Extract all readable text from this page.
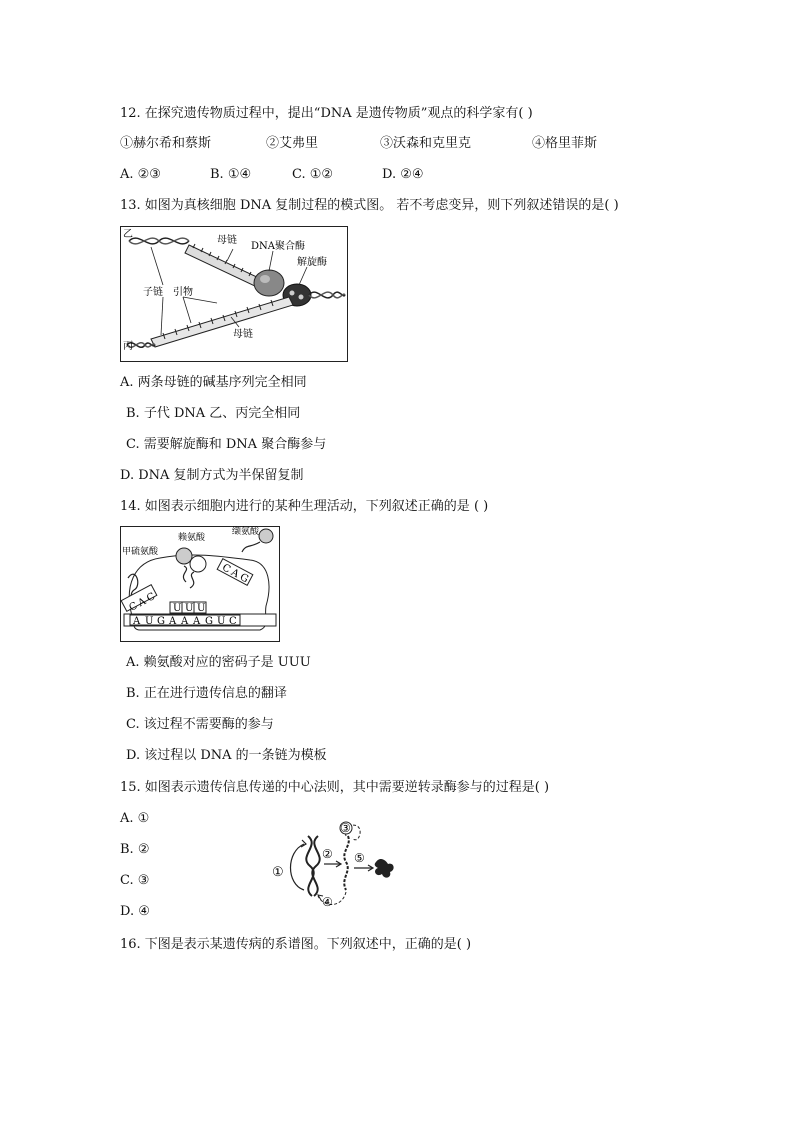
12. 在探究遗传物质过程中，提出“DNA 是遗传物质”观点的科学家有( )
①赫尔希和蔡斯	②艾弗里	③沃森和克里克	④格里菲斯
A. ②③	B. ①④	C. ①②	D. ②④
13. 如图为真核细胞 DNA 复制过程的模式图。 若不考虑变异，则下列叙述错误的是( )
乙
母链
DNA聚合酶
解旋酶
子链 引物
母链
丙
A. 两条母链的碱基序列完全相同
B. 子代 DNA 乙、丙完全相同
C. 需要解旋酶和 DNA 聚合酶参与
D. DNA 复制方式为半保留复制
14. 如图表示细胞内进行的某种生理活动，下列叙述正确的是 ( )
C
A
C
U U U
C
A
G
A U G A A A G U C
甲硫氨酸
赖氨酸
缬氨酸
A. 赖氨酸对应的密码子是 UUU
B. 正在进行遗传信息的翻译
C. 该过程不需要酶的参与
D. 该过程以 DNA 的一条链为模板
15. 如图表示遗传信息传递的中心法则，其中需要逆转录酶参与的过程是( )
A. ①
B. ②
C. ③
D. ④
①
②
③
④
⑤
16. 下图是表示某遗传病的系谱图。下列叙述中，正确的是( )
